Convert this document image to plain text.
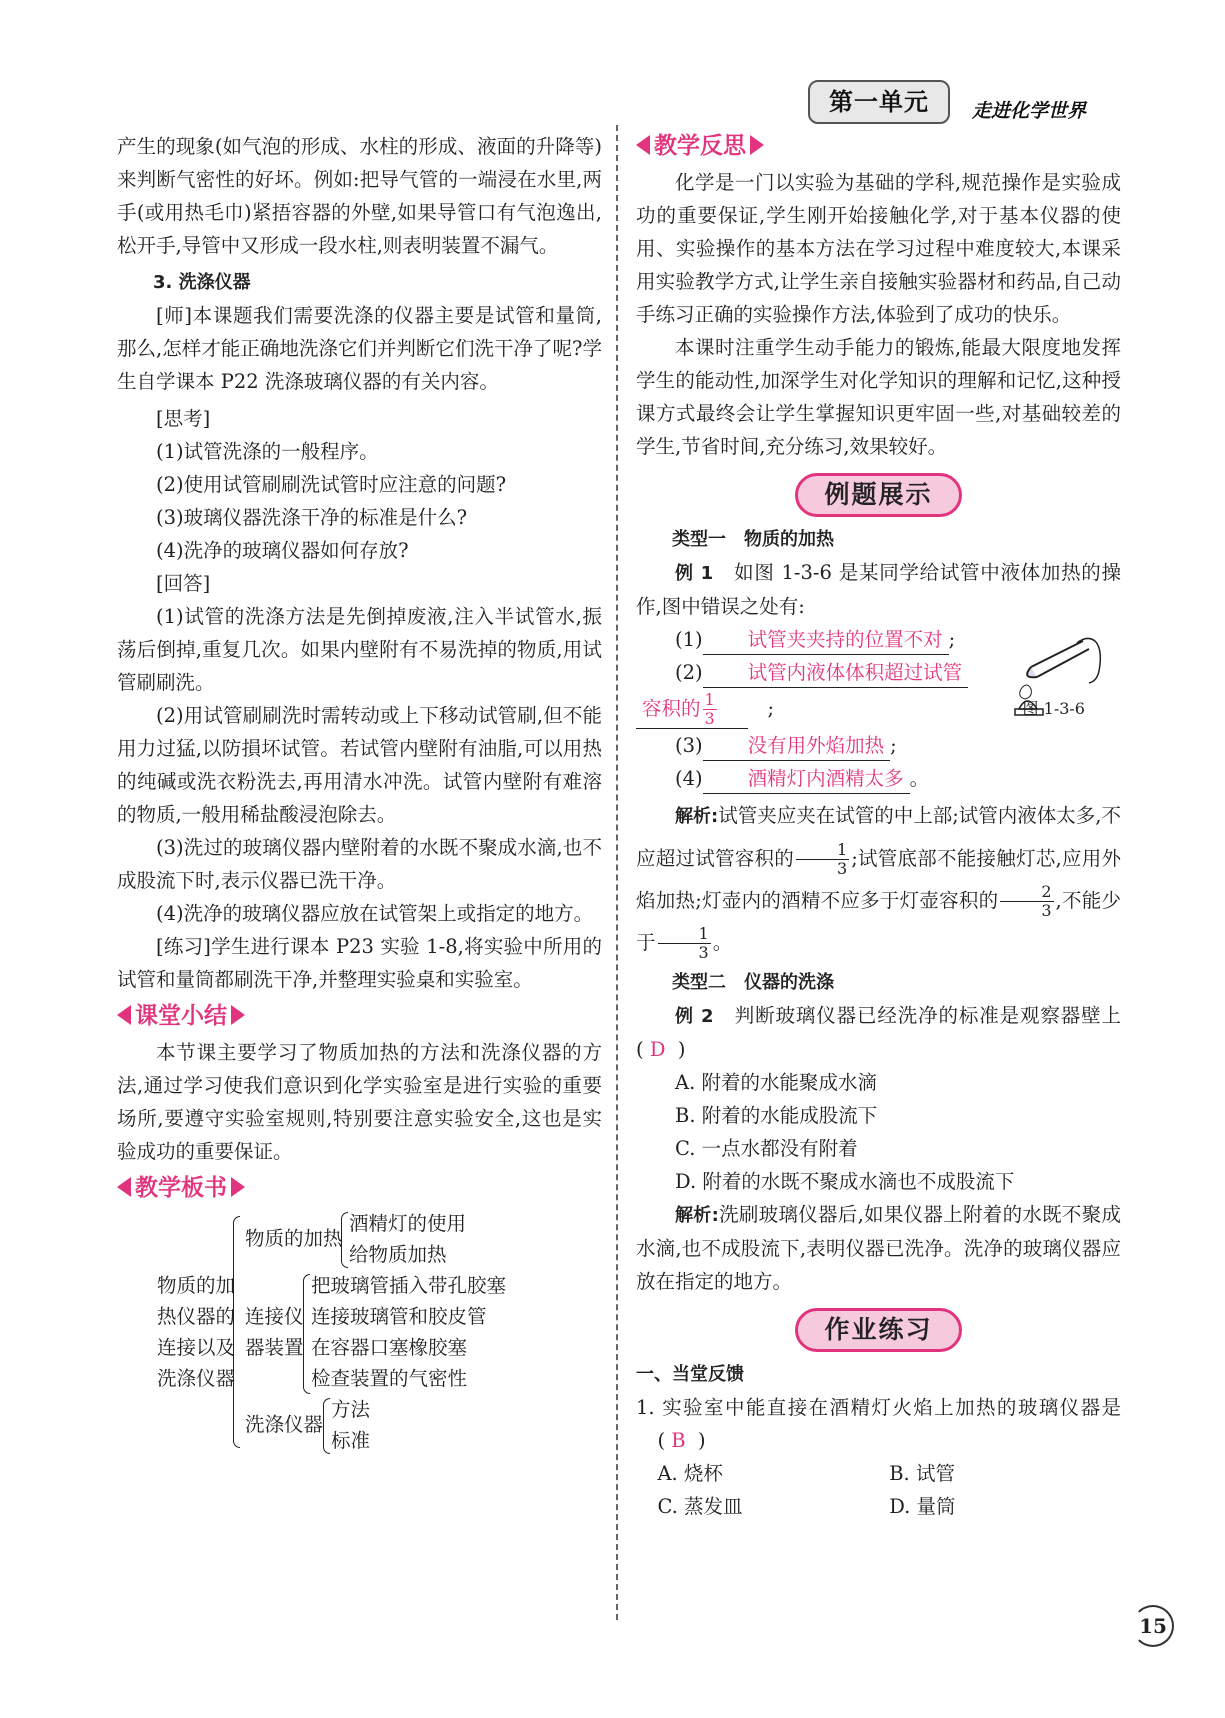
第一单元	走进化学世界

产生的现象(如气泡的形成、水柱的形成、液面的升降等)来判断气密性的好坏。例如:把导气管的一端浸在水里,两手(或用热毛巾)紧捂容器的外壁,如果导管口有气泡逸出,松开手,导管中又形成一段水柱,则表明装置不漏气。

3. 洗涤仪器

[师]本课题我们需要洗涤的仪器主要是试管和量筒,那么,怎样才能正确地洗涤它们并判断它们洗干净了呢?学生自学课本 P22 洗涤玻璃仪器的有关内容。

[思考]

(1)试管洗涤的一般程序。

(2)使用试管刷刷洗试管时应注意的问题?

(3)玻璃仪器洗涤干净的标准是什么?

(4)洗净的玻璃仪器如何存放?

[回答]

(1)试管的洗涤方法是先倒掉废液,注入半试管水,振荡后倒掉,重复几次。如果内壁附有不易洗掉的物质,用试管刷刷洗。

(2)用试管刷刷洗时需转动或上下移动试管刷,但不能用力过猛,以防損坏试管。若试管内壁附有油脂,可以用热的纯碱或洗衣粉洗去,再用清水冲洗。试管内壁附有难溶的物质,一般用稀盐酸浸泡除去。

(3)洗过的玻璃仪器内壁附着的水既不聚成水滴,也不成股流下时,表示仪器已洗干净。

(4)洗净的玻璃仪器应放在试管架上或指定的地方。

[练习]学生进行课本 P23 实验 1-8,将实验中所用的试管和量筒都刷洗干净,并整理实验桌和实验室。

课堂小结

本节课主要学习了物质加热的方法和洗涤仪器的方法,通过学习使我们意识到化学实验室是进行实验的重要场所,要遵守实验室规则,特别要注意实验安全,这也是实验成功的重要保证。

教学板书
物质的加
热仪器的
连接以及
洗涤仪器
物质的加热
酒精灯的使用
给物质加热
连接仪
器装置
把玻璃管插入带孔胶塞
连接玻璃管和胶皮管
在容器口塞橡胶塞
检查装置的气密性
洗涤仪器
方法
标准
教学反思

化学是一门以实验为基础的学科,规范操作是实验成功的重要保证,学生刚开始接触化学,对于基本仪器的使用、实验操作的基本方法在学习过程中难度较大,本课采用实验教学方式,让学生亲自接触实验器材和药品,自己动手练习正确的实验操作方法,体验到了成功的快乐。

本课时注重学生动手能力的锻炼,能最大限度地发挥学生的能动性,加深学生对化学知识的理解和记忆,这种授课方式最终会让学生掌握知识更牢固一些,对基础较差的学生,节省时间,充分练习,效果较好。

例题展示

类型一　物质的加热

例 1　 如图 1-3-6 是某同学给试管中液体加热的操作,图中错误之处有:

(1) 试管夹夹持的位置不对 ;

(2) 试管内液体体积超过试管

容积的 $\frac{1}{3}$ 　;	图 1-3-6

(3) 没有用外焰加热 ;

(4) 酒精灯内酒精太多 。

解析:试管夹应夹在试管的中上部;试管内液体太多,不应超过试管容积的 $\frac{1}{3}$ ;试管底部不能接触灯芯,应用外焰加热;灯壶内的酒精不应多于灯壶容积的 $\frac{2}{3}$ ,不能少于 $\frac{1}{3}$ 。

类型二　仪器的洗涤

例 2　 判断玻璃仪器已经洗净的标准是观察器壁上( D  )

A. 附着的水能聚成水滴

B. 附着的水能成股流下

C. 一点水都没有附着

D. 附着的水既不聚成水滴也不成股流下

解析:洗刷玻璃仪器后,如果仪器上附着的水既不聚成水滴,也不成股流下,表明仪器已洗净。洗净的玻璃仪器应放在指定的地方。

作业练习

一、当堂反馈

1. 实验室中能直接在酒精灯火焰上加热的玻璃仪器是( B  )

A. 烧杯	B. 试管
C. 蒸发皿	D. 量筒
15
